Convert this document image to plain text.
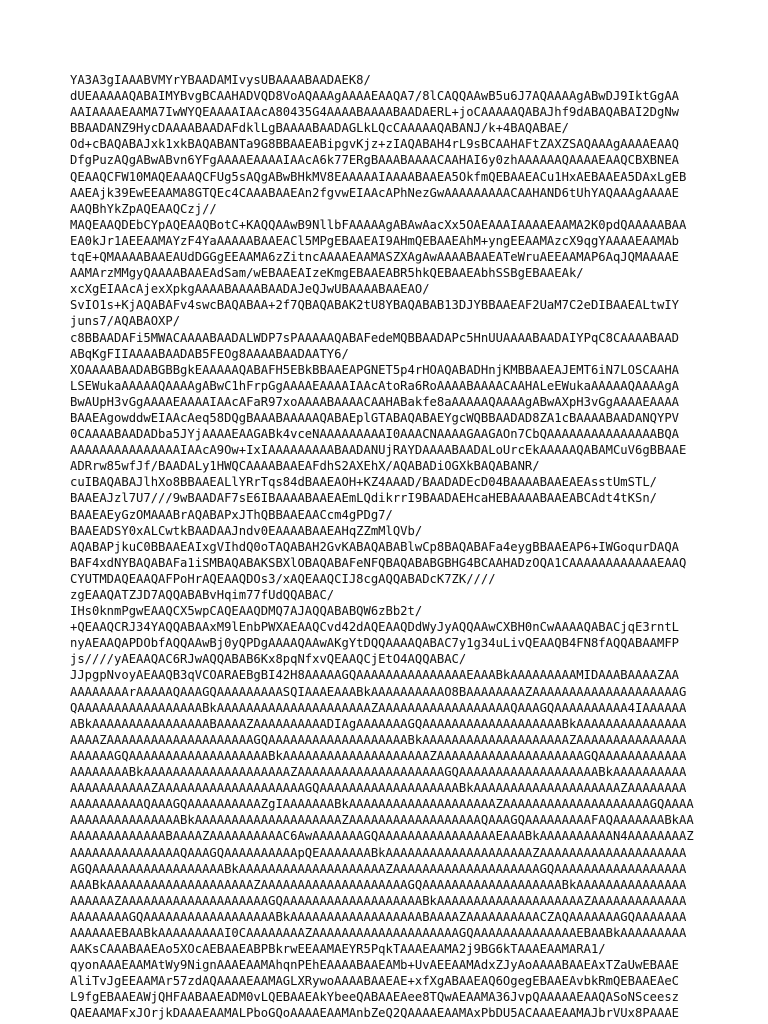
YA3A3gIAAABVMYrYBAADAMIvysUBAAAABAADAEK8/
dUEAAAAAQABAIMYBvgBCAAHADVQD8VoAQAAAgAAAAEAAQA7/8lCAQQAAwB5u6J7AQAAAAgABwDJ9IktGgAA
AAIAAAAEAAMA7IwWYQEAAAAIAAcA80435G4AAAABAAAABAADAERL+joCAAAAAQABAJhf9dABAQABAI2DgNw
BBAADANZ9HycDAAAABAADAFdklLgBAAAABAADAGLkLQcCAAAAAQABANJ/k+4BAQABAE/
Od+cBAQABAJxk1xkBAQABANTa9G8BBAAEABipgvKjz+zIAQABAH4rL9sBCAAHAFtZAXZSAQAAAgAAAAEAAQ
DfgPuzAQgABwABvn6YFgAAAAEAAAAIAAcA6k77ERgBAAABAAAACAAHAI6y0zhAAAAAAQAAAAEAAQCBXBNEA
QEAAQCFW10MAQEAAAQCFUg5sAQgABwBHkMV8EAAAAAIAAAABAAEA5OkfmQEBAAEACu1HxAEBAAEA5DAxLgEB
AAEAjk39EwEEAAMA8GTQEc4CAAABAAEAn2fgvwEIAAcAPhNezGwAAAAAAAAACAAHAND6tUhYAQAAAgAAAAE
AAQBhYkZpAQEAAQCzj//
MAQEAAQDEbCYpAQEAAQBotC+KAQQAAwB9NllbFAAAAAgABAwAacXx5OAEAAAIAAAAEAAMA2K0pdQAAAAABAA
EA0kJr1AEEAAMAYzF4YaAAAAABAAEACl5MPgEBAAEAI9AHmQEBAAEAhM+yngEEAAMAzcX9qgYAAAAEAAMAb
tqE+QMAAAABAAEAUdDGGgEEAAMA6zZitncAAAAEAAMASZXAgAwAAAABAAEATeWruAEEAAMAP6AqJQMAAAAE
AAMArzMMgyQAAAABAAEAdSam/wEBAAEAIzeKmgEBAAEABR5hkQEBAAEAbhSSBgEBAAEAk/
xcXgEIAAcAjexXpkgAAAABAAAABAADAJeQJwUBAAAABAAEAO/
SvIO1s+KjAQABAFv4swcBAQABAA+2f7QBAQABAK2tU8YBAQABAB13DJYBBAAEAF2UaM7C2eDIBAAEALtwIY
juns7/AQABAOXP/
c8BBAADAFi5MWACAAAABAADALWDP7sPAAAAAQABAFedeMQBBAADAPc5HnUUAAAABAADAIYPqC8CAAAABAAD
ABqKgFIIAAAABAADAB5FEOg8AAAABAADAATY6/
XOAAAABAADABGBBgkEAAAAAQABAFH5EBkBBAAEAPGNET5p4rHOAQABADHnjKMBBAAEAJEMT6iN7LOSCAAHA
LSEWukaAAAAAQAAAAgABwC1hFrpGgAAAAEAAAAIAAcAtoRa6RoAAAABAAAACAAHALeEWukaAAAAAQAAAAgA
BwAUpH3vGgAAAAEAAAAIAAcAFaR97xoAAAABAAAACAAHABakfe8aAAAAAQAAAAgABwAXpH3vGgAAAAEAAAA
BAAEAgowddwEIAAcAeq58DQgBAAABAAAAAQABAEplGTABAQABAEYgcWQBBAADAD8ZA1cBAAAABAADANQYPV
0CAAAABAADADba5JYjAAAAEAAGABk4vceNAAAAAAAAAI0AAACNAAAAGAAGAOn7CbQAAAAAAAAAAAAAAABQA
AAAAAAAAAAAAAAAIAAcA9Ow+IxIAAAAAAAAABAADANUjRAYDAAAABAADALoUrcEkAAAAAQABAMCuV6gBBAAE
ADRrw85wfJf/BAADALy1HWQCAAAABAAEAFdhS2AXEhX/AQABADiOGXkBAQABANR/
cuIBAQABAJlhXo8BBAAEALlYRrTqs84dBAAEAOH+KZ4AAAD/BAADADEcD04BAAAABAAEAEAsstUmSTL/
BAAEAJzl7U7///9wBAADAF7sE6IBAAAABAAEAEmLQdikrrI9BAADAEHcaHEBAAAABAAEABCAdt4tKSn/
BAAEAEyGzOMAAABrAQABAPxJThQBBAAEAACcm4gPDg7/
BAAEADSY0xALCwtkBAADAAJndv0EAAAABAAEAHqZZmMlQVb/
AQABAPjkuC0BBAAEAIxgVIhdQ0oTAQABAH2GvKABAQABABlwCp8BAQABAFa4eygBBAAEAP6+IWGoqurDAQA
BAF4xdNYBAQABAFa1iSMBAQABAKSBXlOBAQABAFeNFQBAQABABGBHG4BCAAHADzOQA1CAAAAAAAAAAAAEAAQ
CYUTMDAQEAAQAFPoHrAQEAAQDOs3/xAQEAAQCIJ8cgAQQABADcK7ZK////
zgEAAQATZJD7AQQABABvHqim77fUdQQABAC/
IHs0knmPgwEAAQCX5wpCAQEAAQDMQ7AJAQQABABQW6zBb2t/
+QEAAQCRJ34YAQQABAAxM9lEnbPWXAEAAQCvd42dAQEAAQDdWyJyAQQAAwCXBH0nCwAAAAQABACjqE3rntL
nyAEAAQAPDObfAQQAAwBj0yQPDgAAAAQAAwAKgYtDQQAAAAQABAC7y1g34uLivQEAAQB4FN8fAQQABAAMFP
js////yAEAAQAC6RJwAQQABAB6Kx8pqNfxvQEAAQCjEtO4AQQABAC/
JJpgpNvoyAEAAQB3qVCOARAEBgBI42H8AAAAAGQAAAAAAAAAAAAAAAEAAABkAAAAAAAAAMIDAAABAAAAZAA
AAAAAAAArAAAAAQAAAGQAAAAAAAAASQIAAAEAAABkAAAAAAAAAAO8BAAAAAAAAZAAAAAAAAAAAAAAAAAAAAG
QAAAAAAAAAAAAAAAAABkAAAAAAAAAAAAAAAAAAAAAZAAAAAAAAAAAAAAAAAAQAAAGQAAAAAAAAAA4IAAAAAA
ABkAAAAAAAAAAAAAAAABAAAAZAAAAAAAAAADIAgAAAAAAAGQAAAAAAAAAAAAAAAAAAABkAAAAAAAAAAAAAAA
AAAAZAAAAAAAAAAAAAAAAAAAAGQAAAAAAAAAAAAAAAAAAABkAAAAAAAAAAAAAAAAAAAAZAAAAAAAAAAAAAAA
AAAAAAGQAAAAAAAAAAAAAAAAAAABkAAAAAAAAAAAAAAAAAAAAZAAAAAAAAAAAAAAAAAAAAGQAAAAAAAAAAAA
AAAAAAAABkAAAAAAAAAAAAAAAAAAAAZAAAAAAAAAAAAAAAAAAAAGQAAAAAAAAAAAAAAAAAAABkAAAAAAAAAA
AAAAAAAAAAAZAAAAAAAAAAAAAAAAAAAAGQAAAAAAAAAAAAAAAAAAABkAAAAAAAAAAAAAAAAAAAAZAAAAAAAA
AAAAAAAAAAQAAAGQAAAAAAAAAAZgIAAAAAAABkAAAAAAAAAAAAAAAAAAAAZAAAAAAAAAAAAAAAAAAAAGQAAAA
AAAAAAAAAAAAAAABkAAAAAAAAAAAAAAAAAAAAZAAAAAAAAAAAAAAAAAAQAAAGQAAAAAAAAAFAQAAAAAAABkAA
AAAAAAAAAAAAABAAAAZAAAAAAAAAAC6AwAAAAAAAGQAAAAAAAAAAAAAAAAEAAABkAAAAAAAAAAN4AAAAAAAAZ
AAAAAAAAAAAAAAAQAAAGQAAAAAAAAAApQEAAAAAAABkAAAAAAAAAAAAAAAAAAAAZAAAAAAAAAAAAAAAAAAAA
AGQAAAAAAAAAAAAAAAAAABkAAAAAAAAAAAAAAAAAAAAZAAAAAAAAAAAAAAAAAAAAGQAAAAAAAAAAAAAAAAAA
AAABkAAAAAAAAAAAAAAAAAAAAZAAAAAAAAAAAAAAAAAAAAGQAAAAAAAAAAAAAAAAAAABkAAAAAAAAAAAAAAA
AAAAAAZAAAAAAAAAAAAAAAAAAAAGQAAAAAAAAAAAAAAAAAAABkAAAAAAAAAAAAAAAAAAAAZAAAAAAAAAAAAA
AAAAAAAAGQAAAAAAAAAAAAAAAAAABkAAAAAAAAAAAAAAAAAABAAAAZAAAAAAAAAACZAQAAAAAAAGQAAAAAAA
AAAAAAEBAABkAAAAAAAAAI0CAAAAAAAAZAAAAAAAAAAAAAAAAAAAAGQAAAAAAAAAAAAAAEBAABkAAAAAAAAA
AAKsCAAABAAEAo5XOcAEBAAEABPBkrwEEAAMAEYR5PqkTAAAEAAMA2j9BG6kTAAAEAAMARA1/
qyonAAAEAAMAtWy9NignAAAEAAMAhqnPEhEAAAABAAEAMb+UvAEEAAMAdxZJyAoAAAABAAEAxTZaUwEBAAE
AliTvJgEEAAMAr57zdAQAAAAEAAMAGLXRywoAAAABAAEAE+xfXgABAAEAQ6OgegEBAAEAvbkRmQEBAAEAeC
L9fgEBAAEAWjQHFAABAAEADM0vLQEBAAEAkYbeeQABAAEAee8TQwAEAAMA36JvpQAAAAAEAAQASoNSceesz
QAEAAMAFxJOrjkDAAAEAAMALPboGQoAAAAEAAMAnbZeQ2QAAAAEAAMAxPbDU5ACAAAEAAMAJbrVUx8PAAAE
